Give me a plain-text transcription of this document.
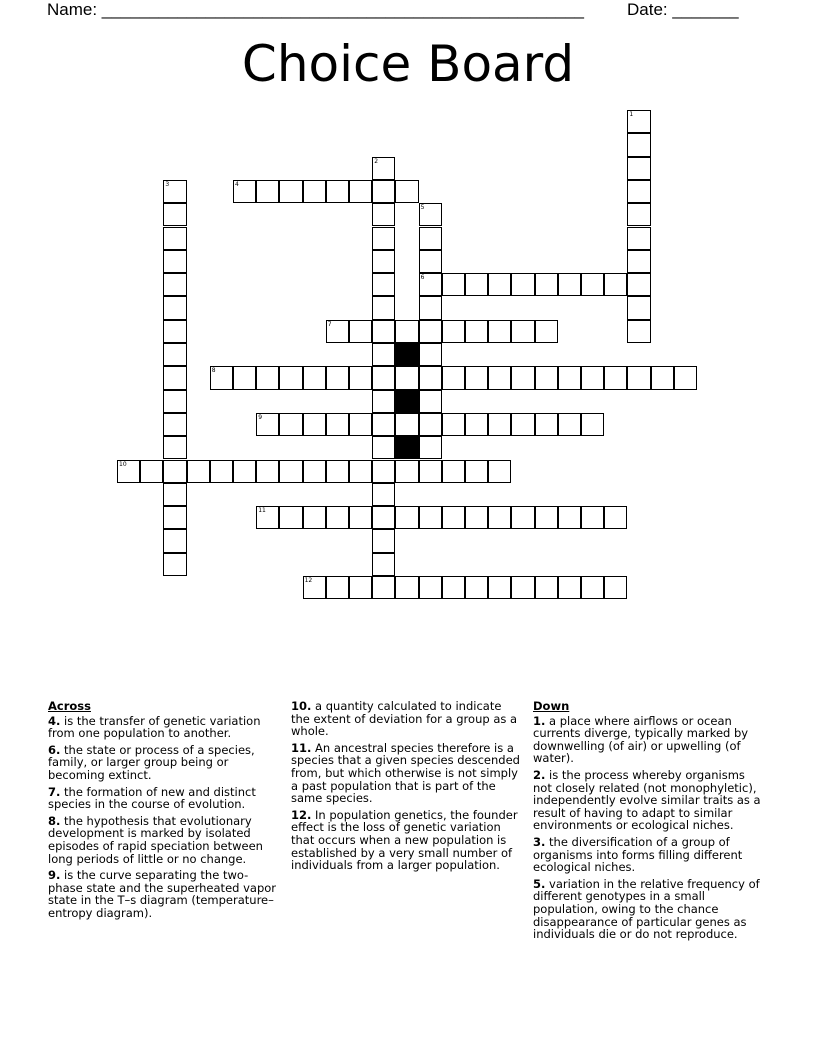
Name: ___________________________________________________	Date: _______
Choice Board
1
2
3	4
5
6
7
8
9
10
11
12
Across

4. is the transfer of genetic variation from one population to another.

6. the state or process of a species, family, or larger group being or becoming extinct.

7. the formation of new and distinct species in the course of evolution.

8. the hypothesis that evolutionary development is marked by isolated episodes of rapid speciation between long periods of little or no change.

9. is the curve separating the two-phase state and the superheated vapor state in the T–s diagram (temperature–entropy diagram).

10. a quantity calculated to indicate the extent of deviation for a group as a whole.

11. An ancestral species therefore is a species that a given species descended from, but which otherwise is not simply a past population that is part of the same species.

12. In population genetics, the founder effect is the loss of genetic variation that occurs when a new population is established by a very small number of individuals from a larger population.

Down

1. a place where airflows or ocean currents diverge, typically marked by downwelling (of air) or upwelling (of water).

2. is the process whereby organisms not closely related (not monophyletic), independently evolve similar traits as a result of having to adapt to similar environments or ecological niches.

3. the diversification of a group of organisms into forms filling different ecological niches.

5. variation in the relative frequency of different genotypes in a small population, owing to the chance disappearance of particular genes as individuals die or do not reproduce.
